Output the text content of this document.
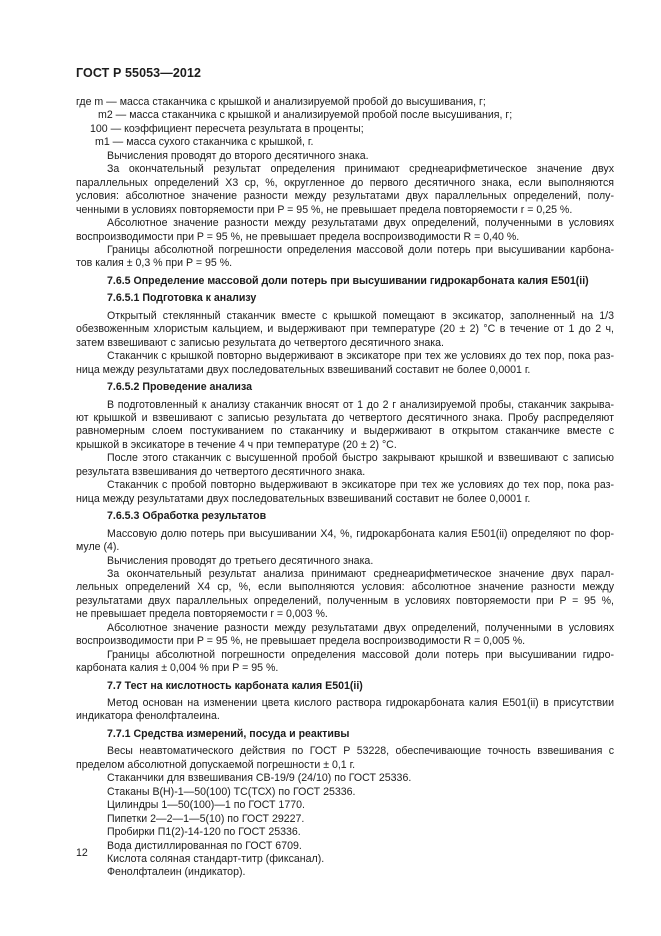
ГОСТ Р 55053—2012

где m — масса стаканчика с крышкой и анализируемой пробой до высушивания, г;

m2 — масса стаканчика с крышкой и анализируемой пробой после высушивания, г;

100 — коэффициент пересчета результата в проценты;

m1 — масса сухого стаканчика с крышкой, г.

Вычисления проводят до второго десятичного знака.

За окончательный результат определения принимают среднеарифметическое значение двух

параллельных определений X3 ср, %, округленное до первого десятичного знака, если выполняются

условия: абсолютное значение разности между результатами двух параллельных определений, полу-

ченными в условиях повторяемости при P = 95 %, не превышает предела повторяемости r = 0,25 %.

Абсолютное значение разности между результатами двух определений, полученными в условиях

воспроизводимости при P = 95 %, не превышает предела воспроизводимости R = 0,40 %.

Границы абсолютной погрешности определения массовой доли потерь при высушивании карбона-

тов калия ± 0,3 % при P = 95 %.

7.6.5 Определение массовой доли потерь при высушивании гидрокарбоната калия E501(ii)

7.6.5.1 Подготовка к анализу

Открытый стеклянный стаканчик вместе с крышкой помещают в эксикатор, заполненный на 1/3

обезвоженным хлористым кальцием, и выдерживают при температуре (20 ± 2) °С в течение от 1 до 2 ч,

затем взвешивают с записью результата до четвертого десятичного знака.

Стаканчик с крышкой повторно выдерживают в эксикаторе при тех же условиях до тех пор, пока раз-

ница между результатами двух последовательных взвешиваний составит не более 0,0001 г.

7.6.5.2 Проведение анализа

В подготовленный к анализу стаканчик вносят от 1 до 2 г анализируемой пробы, стаканчик закрыва-

ют крышкой и взвешивают с записью результата до четвертого десятичного знака. Пробу распределяют

равномерным слоем постукиванием по стаканчику и выдерживают в открытом стаканчике вместе с

крышкой в эксикаторе в течение 4 ч при температуре (20 ± 2) °С.

После этого стаканчик с высушенной пробой быстро закрывают крышкой и взвешивают с записью

результата взвешивания до четвертого десятичного знака.

Стаканчик с пробой повторно выдерживают в эксикаторе при тех же условиях до тех пор, пока раз-

ница между результатами двух последовательных взвешиваний составит не более 0,0001 г.

7.6.5.3 Обработка результатов

Массовую долю потерь при высушивании X4, %, гидрокарбоната калия E501(ii) определяют по фор-

муле (4).

Вычисления проводят до третьего десятичного знака.

За окончательный результат анализа принимают среднеарифметическое значение двух парал-

лельных определений X4 ср, %, если выполняются условия: абсолютное значение разности между

результатами двух параллельных определений, полученным в условиях повторяемости при P = 95 %,

не превышает предела повторяемости r = 0,003 %.

Абсолютное значение разности между результатами двух определений, полученными в условиях

воспроизводимости при P = 95 %, не превышает предела воспроизводимости R = 0,005 %.

Границы абсолютной погрешности определения массовой доли потерь при высушивании гидро-

карбоната калия ± 0,004 % при P = 95 %.

7.7 Тест на кислотность карбоната калия E501(ii)

Метод основан на изменении цвета кислого раствора гидрокарбоната калия E501(ii) в присутствии

индикатора фенолфталеина.

7.7.1 Средства измерений, посуда и реактивы

Весы неавтоматического действия по ГОСТ Р 53228, обеспечивающие точность взвешивания с

пределом абсолютной допускаемой погрешности ± 0,1 г.

Стаканчики для взвешивания СВ-19/9 (24/10) по ГОСТ 25336.

Стаканы В(Н)-1—50(100) ТС(ТСХ) по ГОСТ 25336.

Цилиндры 1—50(100)—1 по ГОСТ 1770.

Пипетки 2—2—1—5(10) по ГОСТ 29227.

Пробирки П1(2)-14-120 по ГОСТ 25336.

Вода дистиллированная по ГОСТ 6709.

Кислота соляная стандарт-титр (фиксанал).

Фенолфталеин (индикатор).

12
